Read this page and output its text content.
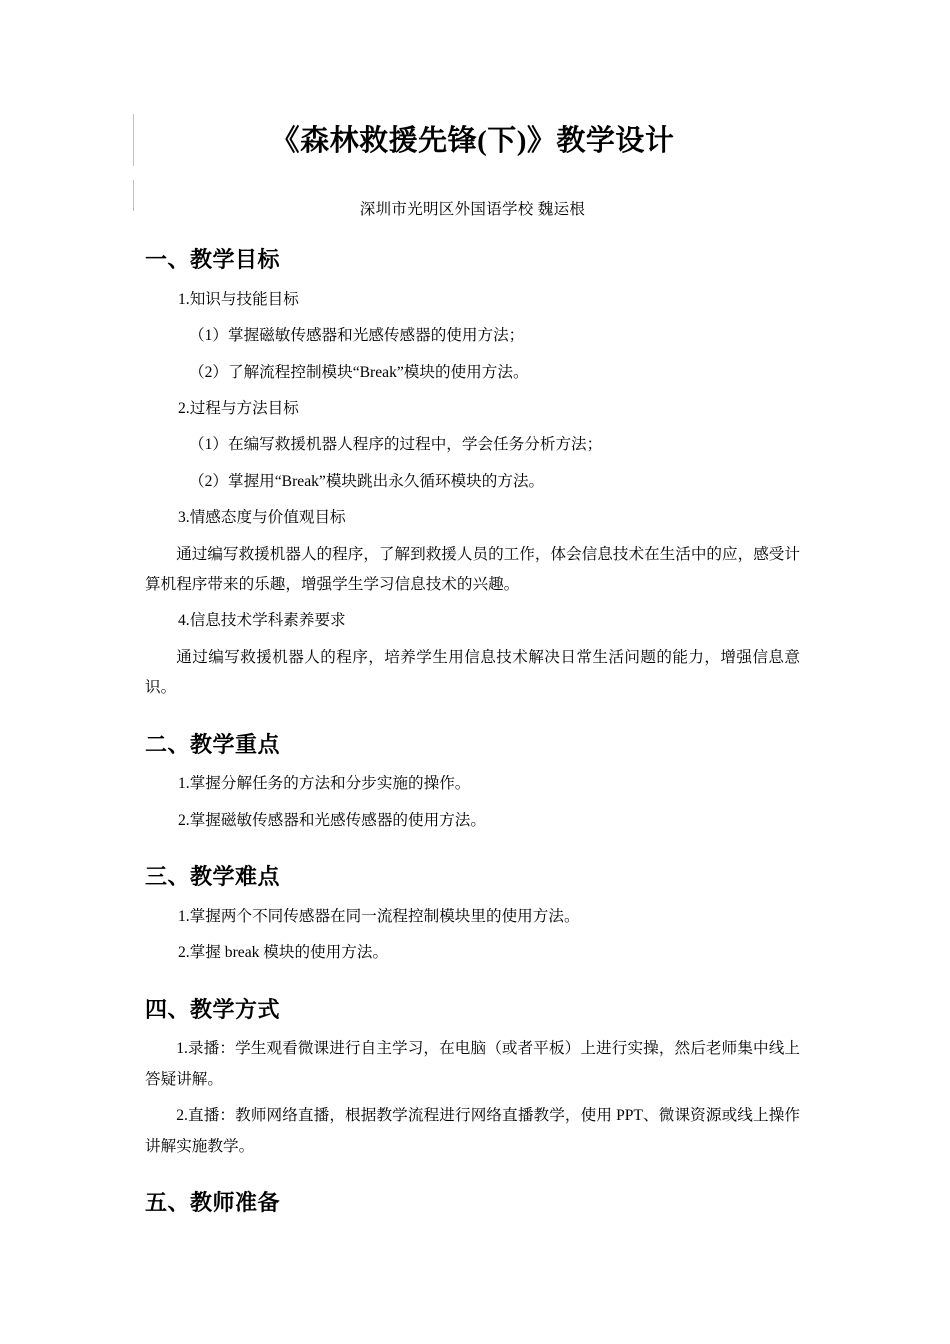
《森林救援先锋(下)》教学设计

深圳市光明区外国语学校 魏运根

一、教学目标

1.知识与技能目标

（1）掌握磁敏传感器和光感传感器的使用方法；

（2）了解流程控制模块“Break”模块的使用方法。

2.过程与方法目标

（1）在编写救援机器人程序的过程中，学会任务分析方法；

（2）掌握用“Break”模块跳出永久循环模块的方法。

3.情感态度与价值观目标

通过编写救援机器人的程序，了解到救援人员的工作，体会信息技术在生活中的应，感受计算机程序带来的乐趣，增强学生学习信息技术的兴趣。

4.信息技术学科素养要求

通过编写救援机器人的程序，培养学生用信息技术解决日常生活问题的能力，增强信息意识。

二、教学重点

1.掌握分解任务的方法和分步实施的操作。

2.掌握磁敏传感器和光感传感器的使用方法。

三、教学难点

1.掌握两个不同传感器在同一流程控制模块里的使用方法。

2.掌握 break 模块的使用方法。

四、教学方式

1.录播：学生观看微课进行自主学习，在电脑（或者平板）上进行实操，然后老师集中线上答疑讲解。

2.直播：教师网络直播，根据教学流程进行网络直播教学，使用 PPT、微课资源或线上操作讲解实施教学。

五、教师准备
